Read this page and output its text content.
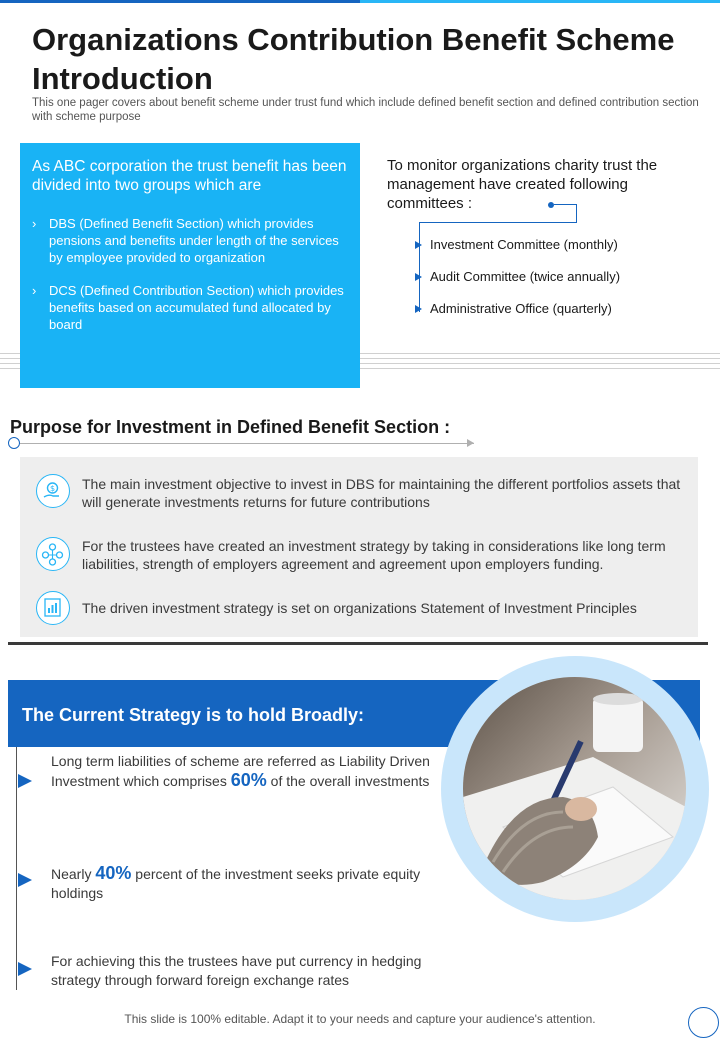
Organizations Contribution Benefit Scheme Introduction

This one pager covers about benefit scheme under trust fund which include defined benefit section and defined contribution section with scheme purpose

As ABC corporation the trust benefit has been divided into two groups which are

› DBS (Defined Benefit Section) which provides pensions and benefits under length of the services by employee provided to organization
› DCS (Defined Contribution Section) which provides benefits based on accumulated fund allocated by board

To monitor organizations charity trust the management have created following committees :

Investment Committee (monthly)
Audit Committee (twice annually)
Administrative Office (quarterly)
Purpose for Investment in Defined Benefit Section :
$ The main investment objective to invest in DBS for maintaining the different portfolios assets that will generate investments returns for future contributions

For the trustees have created an investment strategy by taking in considerations like long term liabilities, strength of employers agreement and agreement upon employers funding.

The driven investment strategy is set on organizations Statement of Investment Principles

The Current Strategy is to hold Broadly:

Long term liabilities of scheme are referred as Liability Driven Investment which comprises 60% of the overall investments

Nearly 40% percent of the investment seeks private equity holdings

For achieving this the trustees have put currency in hedging strategy through forward foreign exchange rates

This slide is 100% editable. Adapt it to your needs and capture your audience's attention.
